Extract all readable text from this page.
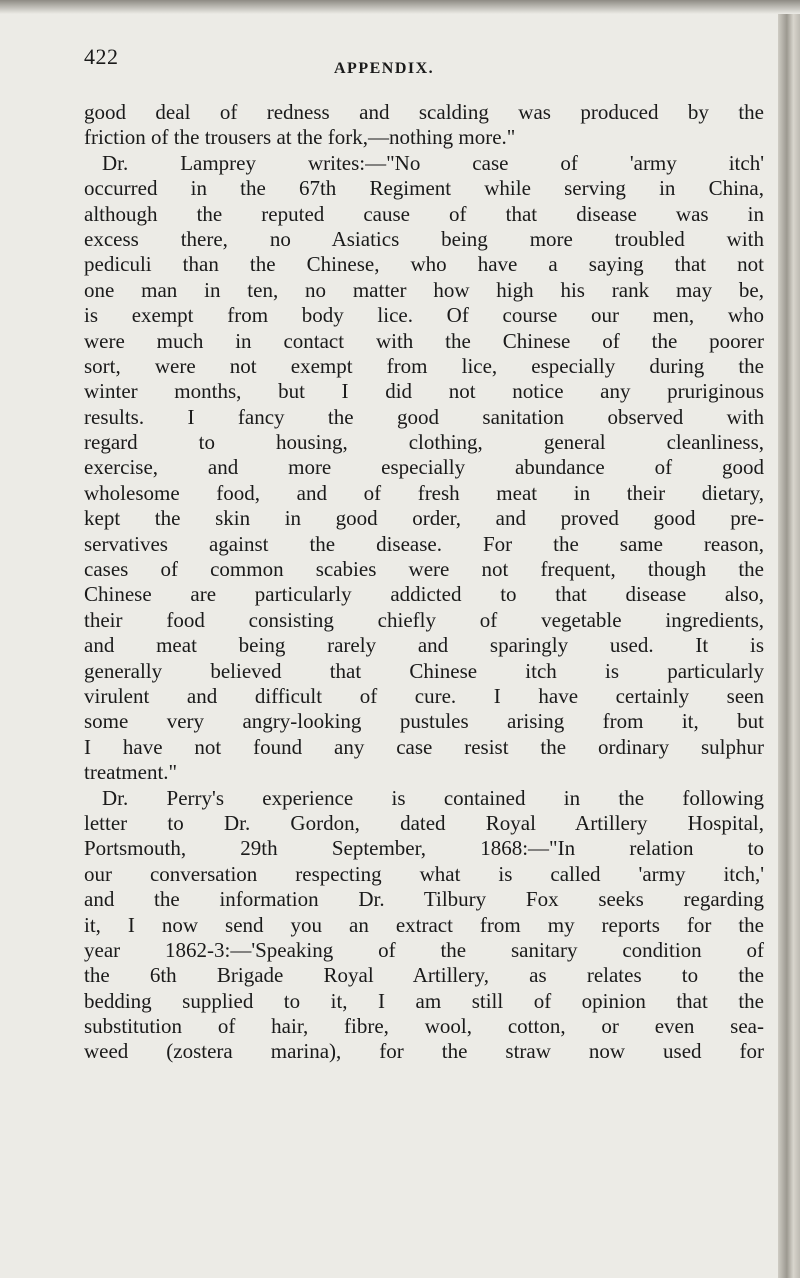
422	APPENDIX.
good deal of redness and scalding was produced by the
friction of the trousers at the fork,—nothing more."
Dr. Lamprey writes:—"No case of 'army itch'
occurred in the 67th Regiment while serving in China,
although the reputed cause of that disease was in
excess there, no Asiatics being more troubled with
pediculi than the Chinese, who have a saying that not
one man in ten, no matter how high his rank may be,
is exempt from body lice. Of course our men, who
were much in contact with the Chinese of the poorer
sort, were not exempt from lice, especially during the
winter months, but I did not notice any pruriginous
results. I fancy the good sanitation observed with
regard to housing, clothing, general cleanliness,
exercise, and more especially abundance of good
wholesome food, and of fresh meat in their dietary,
kept the skin in good order, and proved good pre-
servatives against the disease. For the same reason,
cases of common scabies were not frequent, though the
Chinese are particularly addicted to that disease also,
their food consisting chiefly of vegetable ingredients,
and meat being rarely and sparingly used. It is
generally believed that Chinese itch is particularly
virulent and difficult of cure. I have certainly seen
some very angry-looking pustules arising from it, but
I have not found any case resist the ordinary sulphur
treatment."
Dr. Perry's experience is contained in the following
letter to Dr. Gordon, dated Royal Artillery Hospital,
Portsmouth, 29th September, 1868:—"In relation to
our conversation respecting what is called 'army itch,'
and the information Dr. Tilbury Fox seeks regarding
it, I now send you an extract from my reports for the
year 1862-3:—'Speaking of the sanitary condition of
the 6th Brigade Royal Artillery, as relates to the
bedding supplied to it, I am still of opinion that the
substitution of hair, fibre, wool, cotton, or even sea-
weed (zostera marina), for the straw now used for
